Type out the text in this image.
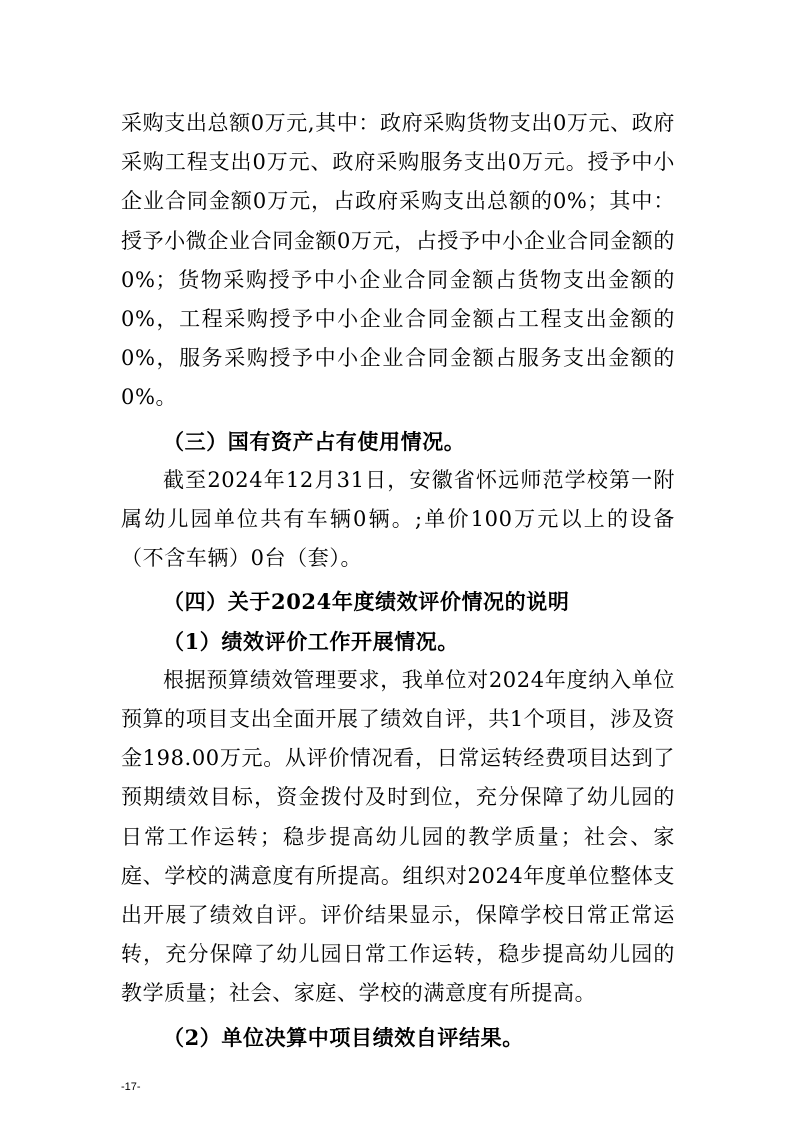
采购支出总额0万元,其中：政府采购货物支出0万元、政府采购工程支出0万元、政府采购服务支出0万元。授予中小企业合同金额0万元，占政府采购支出总额的0%；其中：授予小微企业合同金额0万元，占授予中小企业合同金额的0%；货物采购授予中小企业合同金额占货物支出金额的0%，工程采购授予中小企业合同金额占工程支出金额的0%，服务采购授予中小企业合同金额占服务支出金额的0%。

（三）国有资产占有使用情况。

截至2024年12月31日，安徽省怀远师范学校第一附属幼儿园单位共有车辆0辆。;单价100万元以上的设备（不含车辆）0台（套）。

（四）关于2024年度绩效评价情况的说明

（1）绩效评价工作开展情况。

根据预算绩效管理要求，我单位对2024年度纳入单位预算的项目支出全面开展了绩效自评，共1个项目，涉及资金198.00万元。从评价情况看，日常运转经费项目达到了预期绩效目标，资金拨付及时到位，充分保障了幼儿园的日常工作运转；稳步提高幼儿园的教学质量；社会、家庭、学校的满意度有所提高。组织对2024年度单位整体支出开展了绩效自评。评价结果显示，保障学校日常正常运转，充分保障了幼儿园日常工作运转，稳步提高幼儿园的教学质量；社会、家庭、学校的满意度有所提高。

（2）单位决算中项目绩效自评结果。

-17-
